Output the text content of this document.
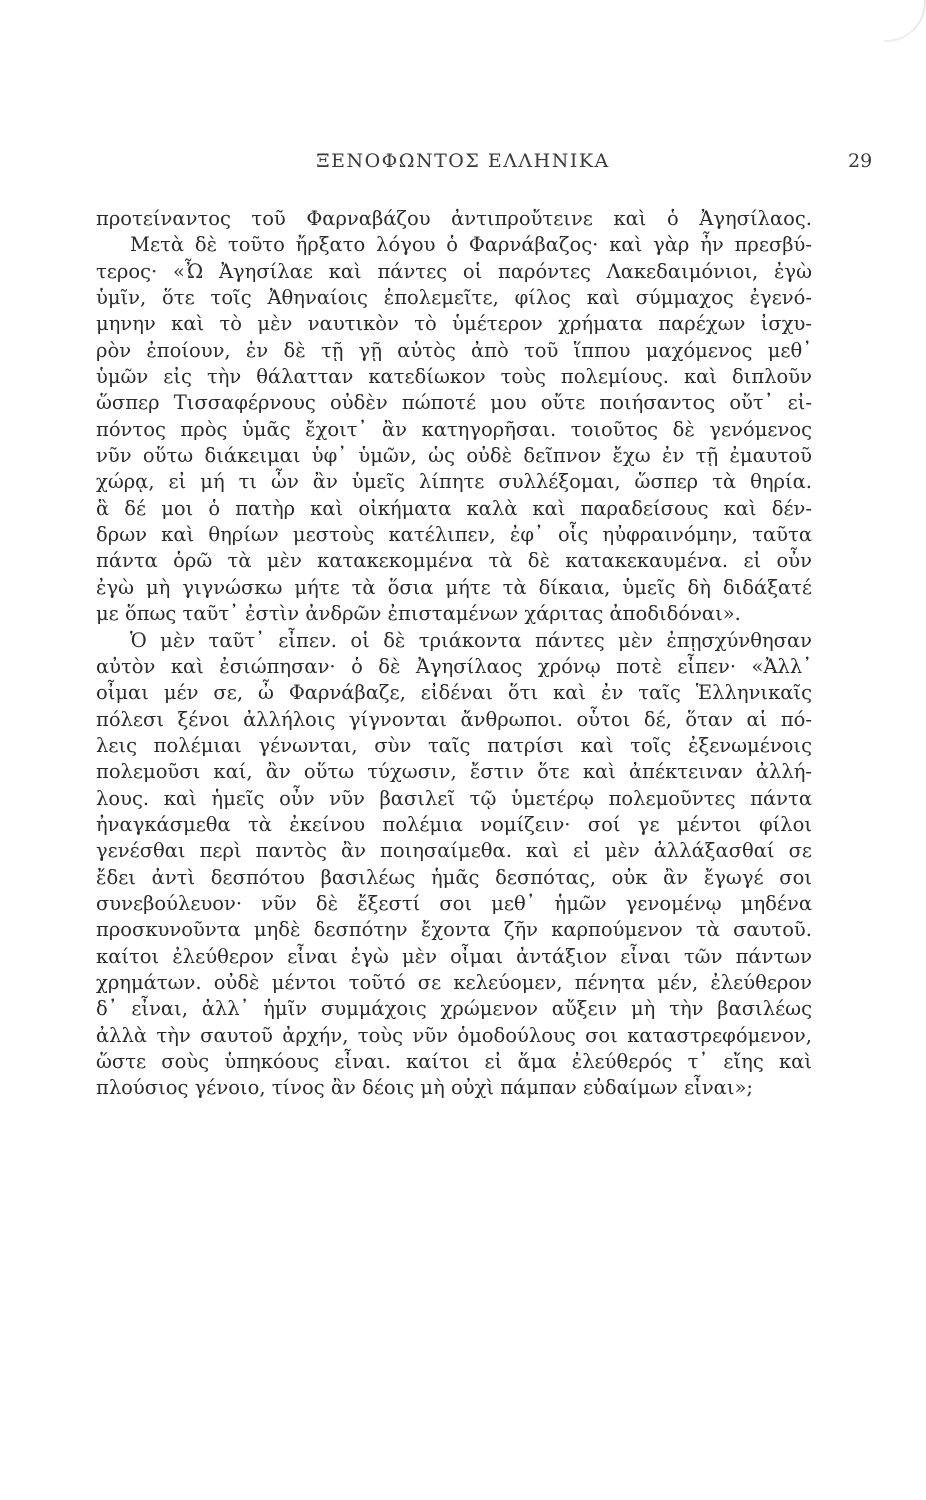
ΞΕΝΟΦΩΝΤΟΣ ΕΛΛΗΝΙΚΑ	29
προτείναντος τοῦ Φαρναβάζου ἀντιπροὔτεινε καὶ ὁ Ἀγησίλαος.
Μετὰ δὲ τοῦτο ἤρξατο λόγου ὁ Φαρνάβαζος· καὶ γὰρ ἦν πρεσβύ-
τερος· «Ὦ Ἀγησίλαε καὶ πάντες οἱ παρόντες Λακεδαιμόνιοι, ἐγὼ
ὑμῖν, ὅτε τοῖς Ἀθηναίοις ἐπολεμεῖτε, φίλος καὶ σύμμαχος ἐγενό-
μηνην καὶ τὸ μὲν ναυτικὸν τὸ ὑμέτερον χρήματα παρέχων ἰσχυ-
ρὸν ἐποίουν, ἐν δὲ τῇ γῇ αὐτὸς ἀπὸ τοῦ ἵππου μαχόμενος μεθ᾿
ὑμῶν εἰς τὴν θάλατταν κατεδίωκον τοὺς πολεμίους. καὶ διπλοῦν
ὥσπερ Τισσαφέρνους οὐδὲν πώποτέ μου οὔτε ποιήσαντος οὔτ᾿ εἰ-
πόντος πρὸς ὑμᾶς ἔχοιτ᾿ ἂν κατηγορῆσαι. τοιοῦτος δὲ γενόμενος
νῦν οὕτω διάκειμαι ὑφ᾿ ὑμῶν, ὡς οὐδὲ δεῖπνον ἔχω ἐν τῇ ἐμαυτοῦ
χώρᾳ, εἰ μή τι ὧν ἂν ὑμεῖς λίπητε συλλέξομαι, ὥσπερ τὰ θηρία.
ἃ δέ μοι ὁ πατὴρ καὶ οἰκήματα καλὰ καὶ παραδείσους καὶ δέν-
δρων καὶ θηρίων μεστοὺς κατέλιπεν, ἐφ᾿ οἷς ηὐφραινόμην, ταῦτα
πάντα ὁρῶ τὰ μὲν κατακεκομμένα τὰ δὲ κατακεκαυμένα. εἰ οὖν
ἐγὼ μὴ γιγνώσκω μήτε τὰ ὅσια μήτε τὰ δίκαια, ὑμεῖς δὴ διδάξατέ
με ὅπως ταῦτ᾿ ἐστὶν ἀνδρῶν ἐπισταμένων χάριτας ἀποδιδόναι».
Ὁ μὲν ταῦτ᾿ εἶπεν. οἱ δὲ τριάκοντα πάντες μὲν ἐπῃσχύνθησαν
αὐτὸν καὶ ἐσιώπησαν· ὁ δὲ Ἀγησίλαος χρόνῳ ποτὲ εἶπεν· «Ἀλλ᾿
οἶμαι μέν σε, ὦ Φαρνάβαζε, εἰδέναι ὅτι καὶ ἐν ταῖς Ἑλληνικαῖς
πόλεσι ξένοι ἀλλήλοις γίγνονται ἄνθρωποι. οὗτοι δέ, ὅταν αἱ πό-
λεις πολέμιαι γένωνται, σὺν ταῖς πατρίσι καὶ τοῖς ἐξενωμένοις
πολεμοῦσι καί, ἂν οὕτω τύχωσιν, ἔστιν ὅτε καὶ ἀπέκτειναν ἀλλή-
λους. καὶ ἡμεῖς οὖν νῦν βασιλεῖ τῷ ὑμετέρῳ πολεμοῦντες πάντα
ἠναγκάσμεθα τὰ ἐκείνου πολέμια νομίζειν· σοί γε μέντοι φίλοι
γενέσθαι περὶ παντὸς ἂν ποιησαίμεθα. καὶ εἰ μὲν ἀλλάξασθαί σε
ἔδει ἀντὶ δεσπότου βασιλέως ἡμᾶς δεσπότας, οὐκ ἂν ἔγωγέ σοι
συνεβούλευον· νῦν δὲ ἔξεστί σοι μεθ᾿ ἡμῶν γενομένῳ μηδένα
προσκυνοῦντα μηδὲ δεσπότην ἔχοντα ζῆν καρπούμενον τὰ σαυτοῦ.
καίτοι ἐλεύθερον εἶναι ἐγὼ μὲν οἶμαι ἀντάξιον εἶναι τῶν πάντων
χρημάτων. οὐδὲ μέντοι τοῦτό σε κελεύομεν, πένητα μέν, ἐλεύθερον
δ᾿ εἶναι, ἀλλ᾿ ἡμῖν συμμάχοις χρώμενον αὔξειν μὴ τὴν βασιλέως
ἀλλὰ τὴν σαυτοῦ ἀρχήν, τοὺς νῦν ὁμοδούλους σοι καταστρεφόμενον,
ὥστε σοὺς ὑπηκόους εἶναι. καίτοι εἰ ἅμα ἐλεύθερός τ᾿ εἴης καὶ
πλούσιος γένοιο, τίνος ἂν δέοις μὴ οὐχὶ πάμπαν εὐδαίμων εἶναι»;
